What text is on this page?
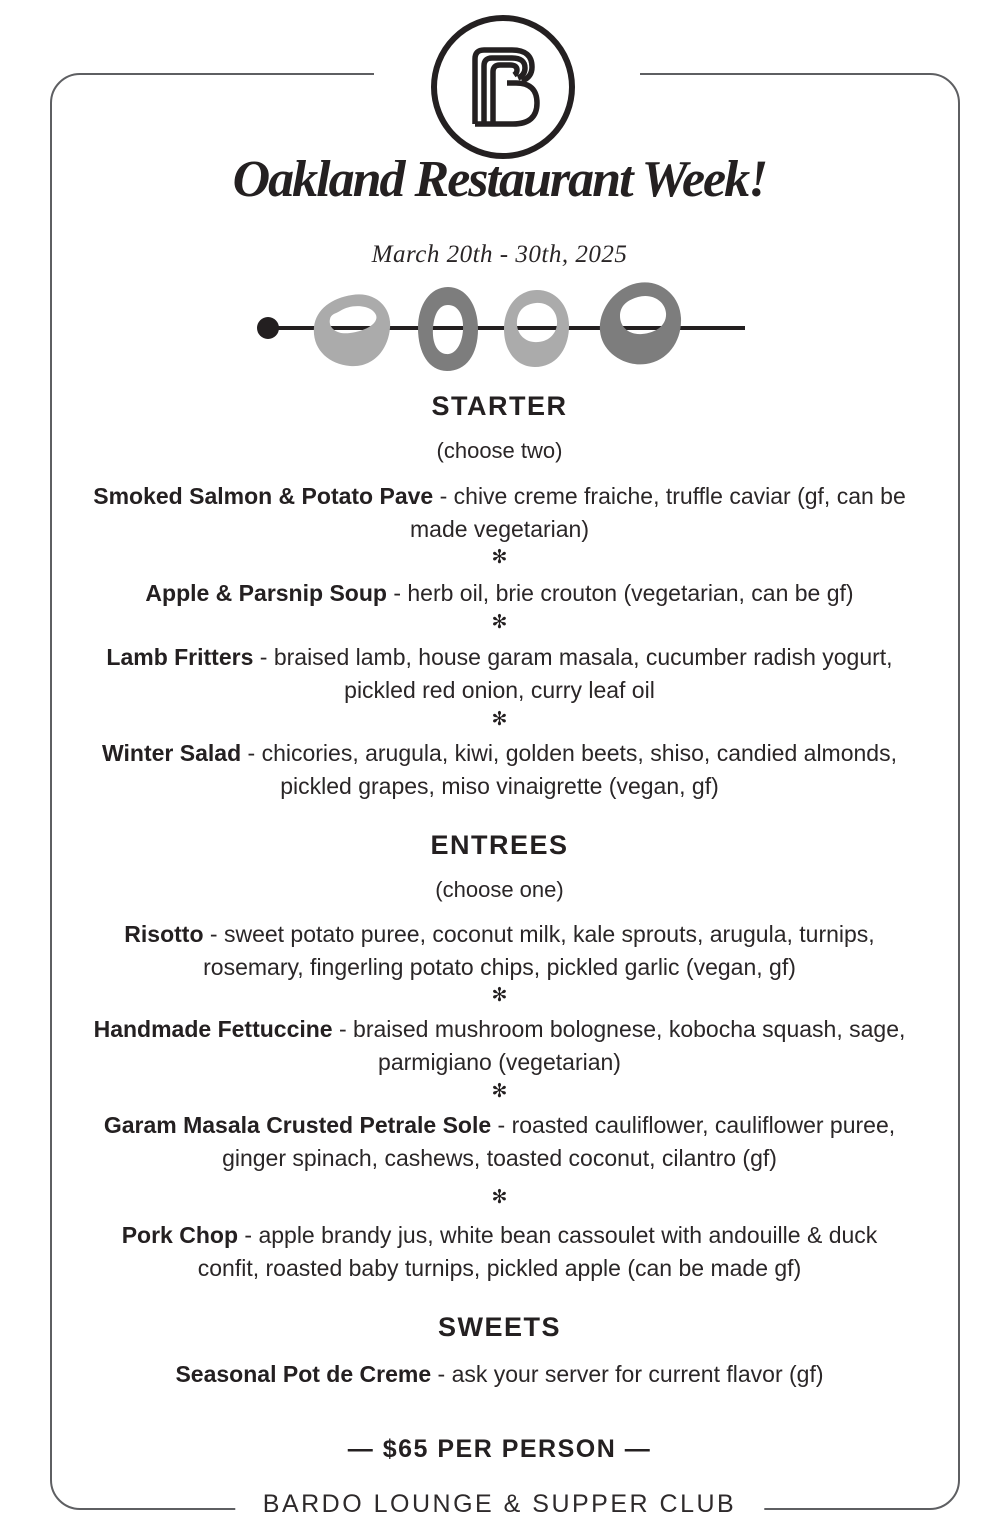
Oakland Restaurant Week!
March 20th - 30th, 2025
STARTER
(choose two)
Smoked Salmon & Potato Pave - chive creme fraiche, truffle caviar (gf, can be made vegetarian)
✻
Apple & Parsnip Soup - herb oil, brie crouton (vegetarian, can be gf)
✻
Lamb Fritters - braised lamb, house garam masala, cucumber radish yogurt, pickled red onion, curry leaf oil
✻
Winter Salad - chicories, arugula, kiwi, golden beets, shiso, candied almonds, pickled grapes, miso vinaigrette (vegan, gf)
ENTREES
(choose one)
Risotto - sweet potato puree, coconut milk, kale sprouts, arugula, turnips, rosemary, fingerling potato chips, pickled garlic (vegan, gf)
✻
Handmade Fettuccine - braised mushroom bolognese, kobocha squash, sage, parmigiano (vegetarian)
✻
Garam Masala Crusted Petrale Sole - roasted cauliflower, cauliflower puree, ginger spinach, cashews, toasted coconut, cilantro (gf)
✻
Pork Chop - apple brandy jus, white bean cassoulet with andouille & duck confit, roasted baby turnips, pickled apple (can be made gf)
SWEETS
Seasonal Pot de Creme - ask your server for current flavor (gf)
— $65 PER PERSON —
BARDO LOUNGE & SUPPER CLUB
